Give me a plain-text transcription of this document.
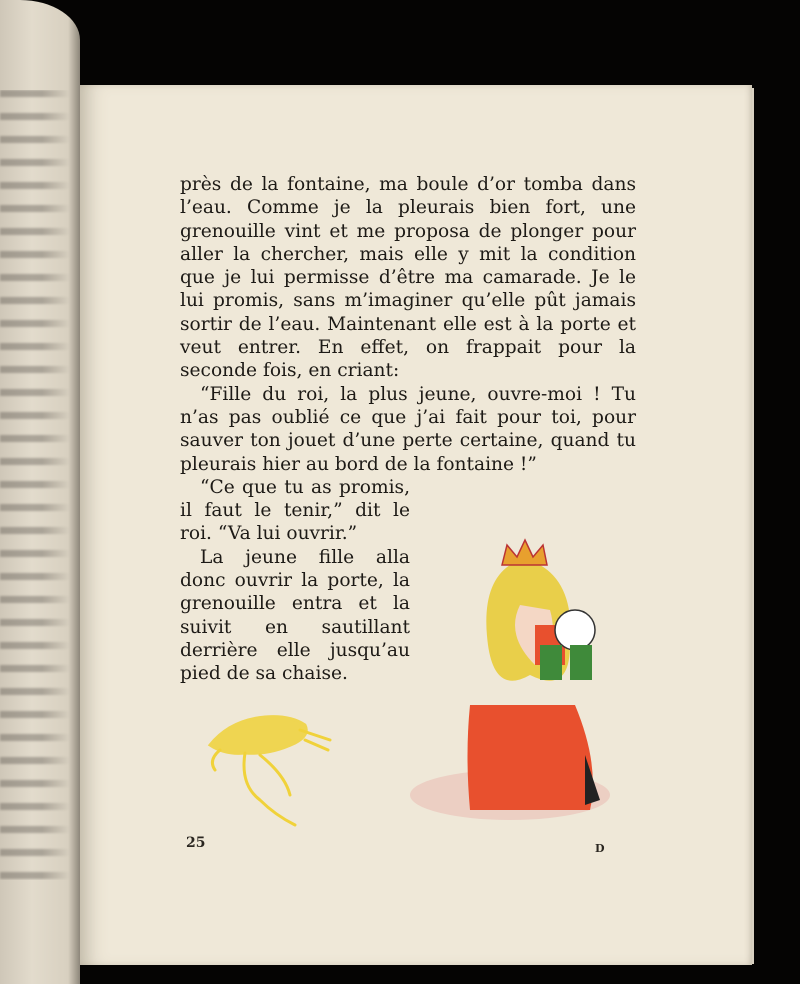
près de la fontaine, ma boule d’or tomba dans l’eau. Comme je la pleurais bien fort, une grenouille vint et me proposa de plonger pour aller la chercher, mais elle y mit la condition que je lui permisse d’être ma camarade. Je le lui promis, sans m’imaginer qu’elle pût jamais sortir de l’eau. Maintenant elle est à la porte et veut entrer. En effet, on frappait pour la seconde fois, en criant:

“Fille du roi, la plus jeune, ouvre-moi ! Tu n’as pas oublié ce que j’ai fait pour toi, pour sauver ton jouet d’une perte certaine, quand tu pleurais hier au bord de la fontaine !”

“Ce que tu as promis, il faut le tenir,” dit le roi. “Va lui ouvrir.”

La jeune fille alla donc ouvrir la porte, la grenouille entra et la suivit en sautillant derrière elle jusqu’au pied de sa chaise.

25	D
